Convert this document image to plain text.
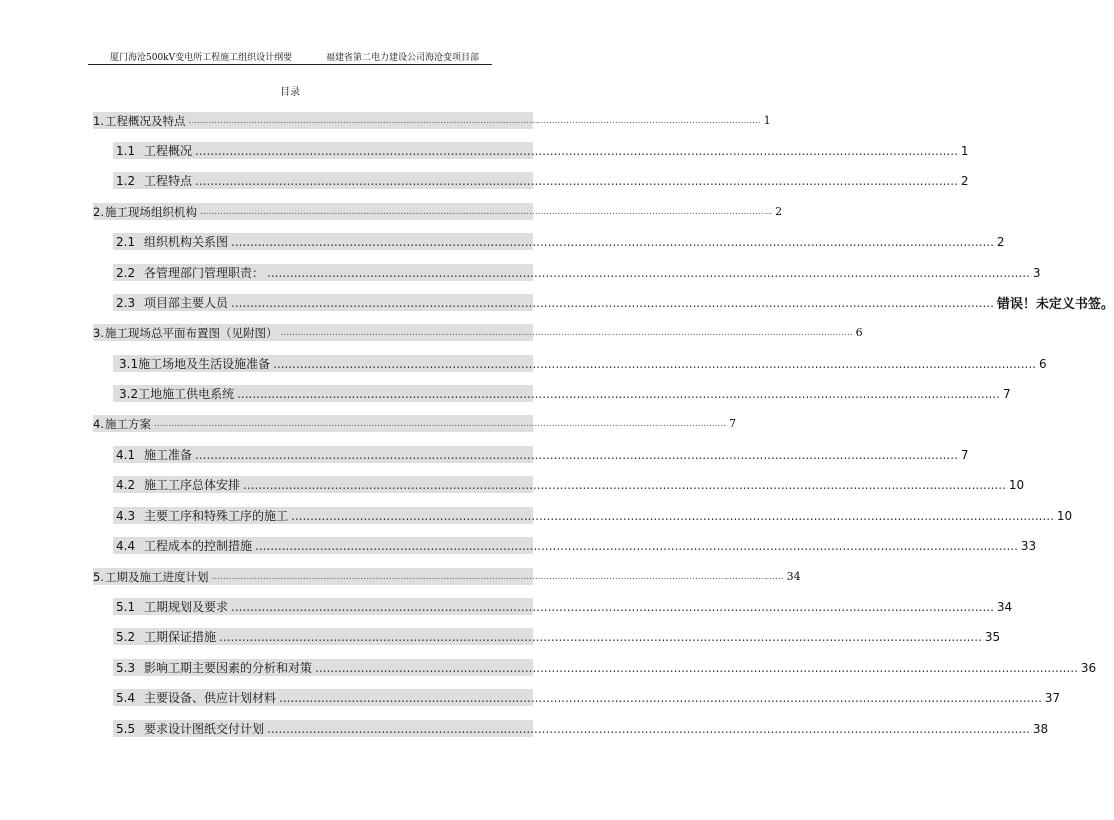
厦门海沧500kV变电所工程施工组织设计纲要	福建省第二电力建设公司海沧变项目部
目录
1. 工程概况及特点 ........................................................................................................................................................................................................ 1
1.1 工程概况 ........................................................................................................................................................................................................ 1
1.2 工程特点 ........................................................................................................................................................................................................ 2
2. 施工现场组织机构 ........................................................................................................................................................................................................ 2
2.1 组织机构关系图 ........................................................................................................................................................................................................ 2
2.2 各管理部门管理职责： ........................................................................................................................................................................................................ 3
2.3 项目部主要人员 ........................................................................................................................................................................................................ 错误！未定义书签。
3. 施工现场总平面布置图（见附图） ........................................................................................................................................................................................................ 6
3.1施工场地及生活设施准备 ........................................................................................................................................................................................................ 6
3.2工地施工供电系统 ........................................................................................................................................................................................................ 7
4. 施工方案 ........................................................................................................................................................................................................ 7
4.1 施工准备 ........................................................................................................................................................................................................ 7
4.2 施工工序总体安排 ........................................................................................................................................................................................................ 10
4.3 主要工序和特殊工序的施工 ........................................................................................................................................................................................................ 10
4.4 工程成本的控制措施 ........................................................................................................................................................................................................ 33
5. 工期及施工进度计划 ........................................................................................................................................................................................................ 34
5.1 工期规划及要求 ........................................................................................................................................................................................................ 34
5.2 工期保证措施 ........................................................................................................................................................................................................ 35
5.3 影响工期主要因素的分析和对策 ........................................................................................................................................................................................................ 36
5.4 主要设备、供应计划材料 ........................................................................................................................................................................................................ 37
5.5 要求设计图纸交付计划 ........................................................................................................................................................................................................ 38
